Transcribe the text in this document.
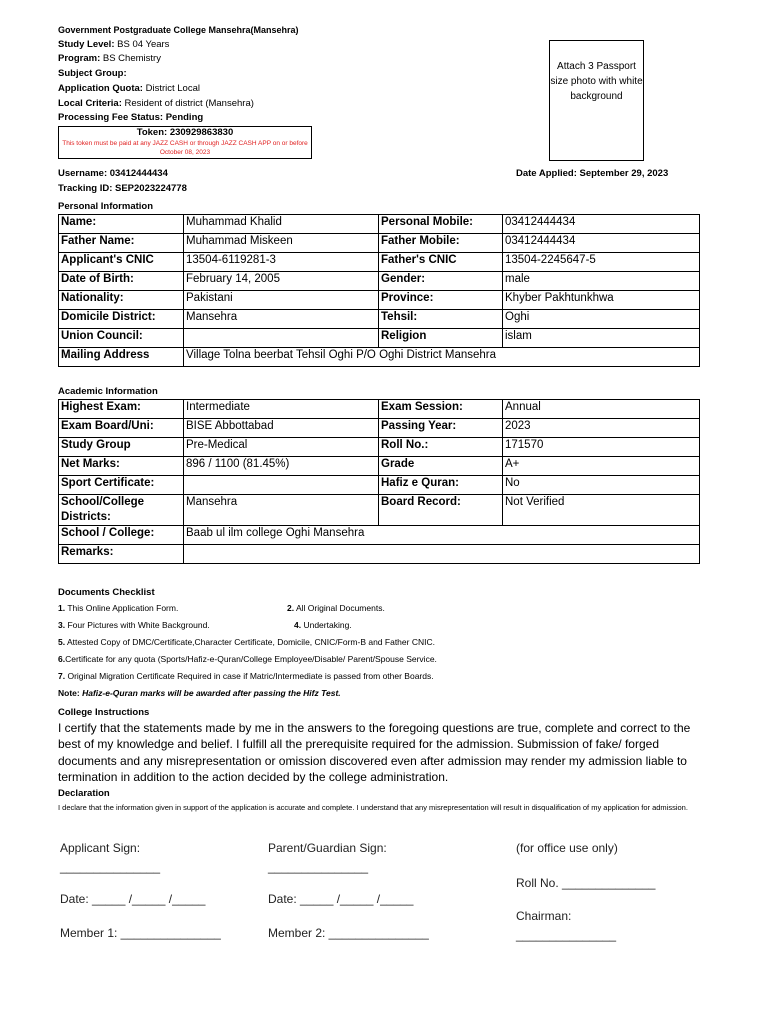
Government Postgraduate College Mansehra(Mansehra)
Study Level: BS 04 Years
Program: BS Chemistry
Subject Group:
Application Quota: District Local
Local Criteria: Resident of district (Mansehra)
Processing Fee Status: Pending
Token: 230929863830
This token must be paid at any JAZZ CASH or through JAZZ CASH APP on or before October 08, 2023
Attach 3 Passport size photo with white background
Username: 03412444434
Tracking ID: SEP2023224778
Date Applied: September 29, 2023
Personal Information
Name:	Muhammad Khalid	Personal Mobile:	03412444434
Father Name:	Muhammad Miskeen	Father Mobile:	03412444434
Applicant's CNIC	13504-6119281-3	Father's CNIC	13504-2245647-5
Date of Birth:	February 14, 2005	Gender:	male
Nationality:	Pakistani	Province:	Khyber Pakhtunkhwa
Domicile District:	Mansehra	Tehsil:	Oghi
Union Council:		Religion	islam
Mailing Address	Village Tolna beerbat Tehsil Oghi P/O Oghi District Mansehra		
Academic Information
Highest Exam:	Intermediate	Exam Session:	Annual
Exam Board/Uni:	BISE Abbottabad	Passing Year:	2023
Study Group	Pre-Medical	Roll No.:	171570
Net Marks:	896 / 1100 (81.45%)	Grade	A+
Sport Certificate:		Hafiz e Quran:	No
School/College Districts:	Mansehra	Board Record:	Not Verified
School / College:	Baab ul ilm college Oghi Mansehra		
Remarks:			
Documents Checklist
1. This Online Application Form.	2. All Original Documents.
3. Four Pictures with White Background.	4. Undertaking.
5. Attested Copy of DMC/Certificate,Character Certificate, Domicile, CNIC/Form-B and Father CNIC.
6.Certificate for any quota (Sports/Hafiz-e-Quran/College Employee/Disable/ Parent/Spouse Service.
7. Original Migration Certificate Required in case if Matric/Intermediate is passed from other Boards.
Note: Hafiz-e-Quran marks will be awarded after passing the Hifz Test.
College Instructions
I certify that the statements made by me in the answers to the foregoing questions are true, complete and correct to the best of my knowledge and belief. I fulfill all the prerequisite required for the admission. Submission of fake/ forged documents and any misrepresentation or omission discovered even after admission may render my admission liable to termination in addition to the action decided by the college administration.
Declaration
I declare that the information given in support of the application is accurate and complete. I understand that any misrepresentation will result in disqualification of my application for admission.
Applicant Sign:
_______________
Parent/Guardian Sign:
_______________
(for office use only)
Roll No. ______________
Date: _____ /_____ /_____	Date: _____ /_____ /_____
Chairman:
Member 1: _______________	Member 2: _______________	_______________
